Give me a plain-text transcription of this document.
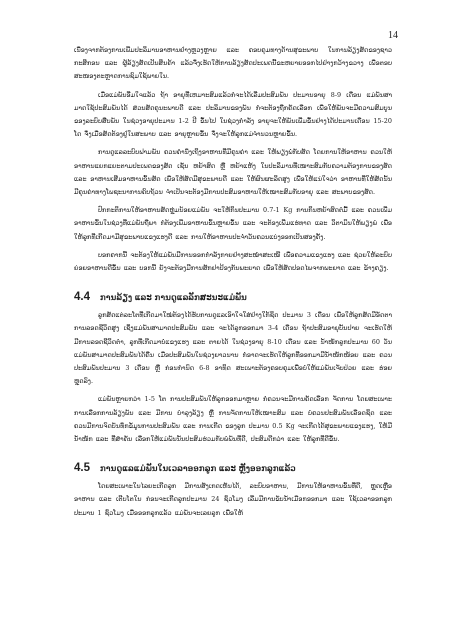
14

ເນື່ອງຈາກຕ້ອງການເພີ່ມປະລິມານອາຫານຢ່າງຫຼວງຫຼາຍ ແລະ ຄອບຄຸມທາງດ້ານສຸຂະພາບ ໃນການລ້ຽງສັດຂອງຊາວກະສິກອນ ແລະ ຜູ້ລ້ຽງສັດເປັນສິນຄ້າ ແລ້ວຈຶ່ງເຮັດໃຫ້ການລ້ຽງສັດປະເພດນີ້ຂະຫຍາຍອອກໄປຢ່າງກວ້າງຂວາງ ເພື່ອຕອບສະໜອງຕະຫຼາດການຊົມໃຊ້ພາຍໃນ.

ເມື່ອແມ່ພັນອີ່ມໃຈແລ້ວ ຖ້າ ອາຍຸທີ່ເຫມາະສົມແລ້ວກໍຈະໄດ້ເລີ່ມປະສົມພັນ ປະມານອາຍຸ 8-9 ເດືອນ ແມ່ພັນສາມາດໃຊ້ປະສົມພັນໄດ້ ສ່ວນສັດຄຸນະພາບດີ ແລະ ປະລິມານຂອງພັນ ກໍ່ຈະຕ້ອງຖືກຄັດເລືອກ ເພື່ອໃຫ້ພັນຈະມີຄວາມສົມບູນຂອງລະບົບສືບພັນ ໃນຊ່ວງອາຍຸປະມານ 1-2 ປີ ຂຶ້ນໄປ ໃນຊ່ວງກຳລັງ ອາຍຸຈະໃຫ້ພັນເພີ່ມຂຶ້ນຢ່າງໄດ້ປະມານເດືອນ 15-20 ໂດ ຈຶ່ງເມື່ອສັດຕ້ອງຢູ່ໃນສະພາບ ແລະ ອາຍຸຫຼາຍຂຶ້ນ ຈຶ່ງຈະໃຫ້ລູກແມ່ຈຳນວນຫຼາຍຂຶ້ນ.

ການດູແລລະບົບຟາມພັນ ຄວນຄຳນຶງເຖິງອາຫານທີ່ມີຄຸນຄ່າ ແລະ ໃຫ້ພຽງພໍກັບສັດ ໂດຍການໃຫ້ອາຫານ ຄວນໃຫ້ອາຫານແຍກແຍະຕາມປະເພດຂອງສັດ ເຊັ່ນ ຫຍ້າສົດ ຫຼື ຫຍ້າແຫ້ງ ໃນປະລິມານທີ່ເໝາະສົມກັບຄວາມຕ້ອງການຂອງສັດ ແລະ ອາຫານເສີມອາຫານຂົ້ນສັດ ເພື່ອໃຫ້ສັດມີສຸຂະພາບດີ ແລະ ໃຫ້ຜົນຜະລິດສູງ ເພື່ອໃຫ້ແນ່ໃຈວ່າ ອາຫານທີ່ໃຫ້ສັດນັ້ນມີຄຸນຄ່າທາງໂພຊະນາການຄົບຖ້ວນ ຈຳເປັນຈະຕ້ອງມີການປະສົມອາຫານໃຫ້ເໝາະສົມກັບອາຍຸ ແລະ ສະພາບຂອງສັດ.

ປົກກະຕິການໃຫ້ອາຫານສັດຫຼຸ່ມນ້ອຍແມ່ພັນ ຈະໃຫ້ກິນປະມານ 0.7-1 Kg ການກິນຫຍ້າສົດຕໍ່ມື້ ແລະ ຄວນເພີ່ມອາຫານຂົ້ນໃນຊ່ວງທີ່ແມ່ພັນຖືພາ ກໍຕ້ອງເພີ່ມອາຫານຂົ້ນຫຼາຍຂຶ້ນ ແລະ ຈະຕ້ອງເພີ່ມແຮ່ທາດ ແລະ ວິຕາມິນໃຫ້ພຽງພໍ ເພື່ອໃຫ້ລູກທີ່ເກີດມາມີສຸຂະພາບແຂງແຮງດີ ແລະ ການໃຫ້ອາຫານປະຈຳວັນຄວນແບ່ງອອກເປັນສອງຄັ້ງ.

ບອກຄາກນີ້ ຈະຕ້ອງໃຫ້ແມ່ພັນມີການອອກກຳລັງກາຍຢ່າງສະໝ່ຳສະເໝີ ເພື່ອຄວາມແຂງແຮງ ແລະ ຊ່ວຍໃຫ້ລະບົບຍ່ອຍອາຫານດີຂຶ້ນ ແລະ ບອກນີ້ ຍັງຈະຕ້ອງມີການສັກຢາປ້ອງກັນພະຍາດ ເພື່ອໃຫ້ສັດປອດໄພຈາກພະຍາດ ແລະ ຂ້າງຄຽງ.

4.4 ການລ້ຽງ ແລະ ການດູແລລັກສະນະແມ່ພັນ

ລູກສັດແຕ່ລະໂຕທີ່ເກີດມາໃໝ່ຕ້ອງໄດ້ຮັບການດູແລເອົາໃຈໃສ່ຢ່າງໃກ້ຊິດ ປະມານ 3 ເດືອນ ເພື່ອໃຫ້ລູກສັດມີອັດຕາການລອດຊີວິດສູງ ເຊິ່ງແມ່ພັນສາມາດປະສົມພັນ ແລະ ຈະໄດ້ລູກອອກມາ 3-4 ເດືອນ ຖ້າປະສົມອາຍຸບັ້ນປາຍ ຈະເຮັດໃຫ້ມີການລອດຊີວິດຕໍ່າ, ລູກທີ່ເກີດມາບໍ່ແຂງແຮງ ແລະ ຕາຍໄດ້ ໃນຊ່ວງອາຍຸ 8-10 ເດືອນ ແລະ ນ້ຳໜັກລູກປະມານ 60 ວັນ ແມ່ພັນສາມາດປະສົມພັນໄດ້ຄືນ ເມື່ອປະສົມພັນໃນຊ່ວງຍາວນານ ກໍອາດຈະເຮັດໃຫ້ລູກທີ່ອອກມາມີນ້ຳໜັກໜ້ອຍ ແລະ ຄວນປະສົມພັນປະມານ 3 ເດືອນ ຫຼື ກ່ອນກຳນົດ 6-8 ອາທິດ ສະເພາະຕ້ອງຄອບຄຸມເພື່ອບໍ່ໃຫ້ແມ່ພັນເຈັບປ່ວຍ ແລະ ຮ່ອຍຫຼຸດລົງ.

ແມ່ພັນຫຼາຍກວ່າ 1-5 ໂຕ ການປະສົມພັນໃຫ້ລູກອອກມາຫຼາຍ ກໍຄວນຈະມີການຄັດເລືອກ ຈັດການ ໂດຍສະເພາະການເລືອກການລ້ຽງພັນ ແລະ ມີການ ບຳລຸງລ້ຽງ ຫຼື ການຈັດການໃຫ້ເໝາະສົມ ແລະ ບໍ່ຄວນປະສົມພັນເລືອດຊິດ ແລະ ຄວນມີການຈົດບັນທຶກຂໍ້ມູນການປະສົມພັນ ແລະ ການເກີດ ຂອງລູກ ປະມານ 0.5 Kg ຈະເກີດໄດ້ສຸຂະພາບແຂງແຮງ, ໃຫ້ມີນ້ຳໜັກ ແລະ ທີ່ສຳຄັນ ເລືອກໃຫ້ແມ່ພັນນັ້ນປະສົມຮ່ວມກັບພໍ່ພັນທີ່ດີ, ປະສົມດີກວ່າ ແລະ ໃຫ້ລູກທີ່ດີຂຶ້ນ.

4.5 ການດູແລແມ່ພັນໃນເວລາອອກລູກ ແລະ ຫຼັງອອກລູກແລ້ວ

ໂດຍສະເພາະໃນໄລຍະເກີດລູກ ມີການສັງເກດເຫັນໄດ້, ລະບົບອາຫານ, ມີການໃຫ້ອາຫານຂົ້ນທີ່ດີ, ຫຼຸດເຫຼືອອາຫານ ແລະ ເຕີບໂຕໃນ ກ່ອນຈະເກີດລູກປະມານ 24 ຊົ່ວໂມງ ເລີ່ມມີການຂັບນ້ຳເມືອກອອກມາ ແລະ ໃຊ້ເວລາອອກລູກປະມານ 1 ຊົ່ວໂມງ ເມື່ອອອກລູກແລ້ວ ແມ່ພັນຈະເລຍລູກ ເພື່ອໃຫ້
